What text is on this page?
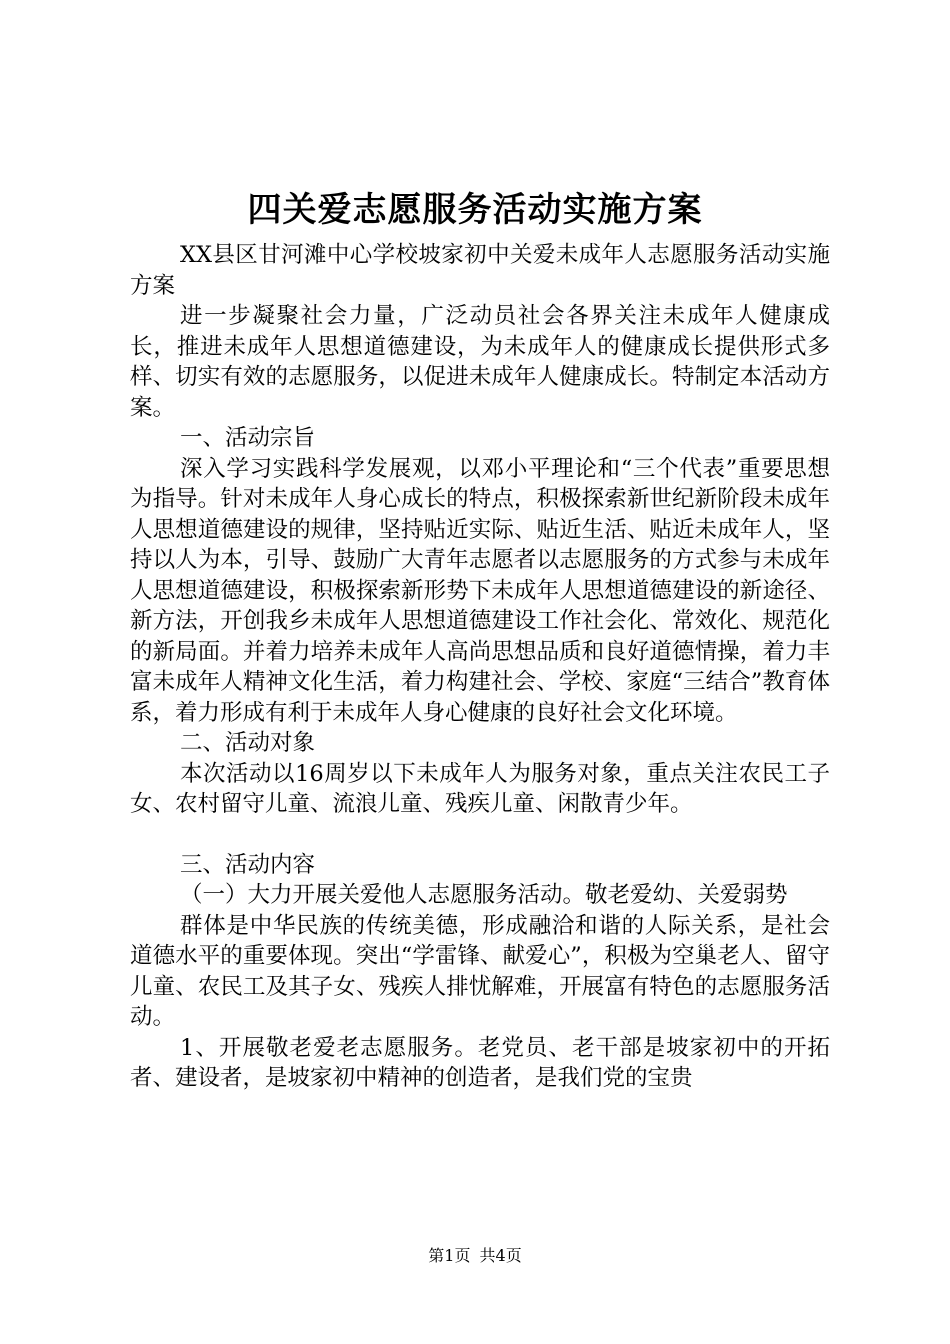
四关爱志愿服务活动实施方案

XX县区甘河滩中心学校坡家初中关爱未成年人志愿服务活动实施方案

进一步凝聚社会力量，广泛动员社会各界关注未成年人健康成长，推进未成年人思想道德建设，为未成年人的健康成长提供形式多样、切实有效的志愿服务，以促进未成年人健康成长。特制定本活动方案。

一、活动宗旨

深入学习实践科学发展观，以邓小平理论和“三个代表”重要思想为指导。针对未成年人身心成长的特点，积极探索新世纪新阶段未成年人思想道德建设的规律，坚持贴近实际、贴近生活、贴近未成年人，坚持以人为本，引导、鼓励广大青年志愿者以志愿服务的方式参与未成年人思想道德建设，积极探索新形势下未成年人思想道德建设的新途径、新方法，开创我乡未成年人思想道德建设工作社会化、常效化、规范化的新局面。并着力培养未成年人高尚思想品质和良好道德情操，着力丰富未成年人精神文化生活，着力构建社会、学校、家庭“三结合”教育体系，着力形成有利于未成年人身心健康的良好社会文化环境。

二、活动对象

本次活动以16周岁以下未成年人为服务对象，重点关注农民工子女、农村留守儿童、流浪儿童、残疾儿童、闲散青少年。

三、活动内容

（一）大力开展关爱他人志愿服务活动。敬老爱幼、关爱弱势

群体是中华民族的传统美德，形成融洽和谐的人际关系，是社会道德水平的重要体现。突出“学雷锋、献爱心”，积极为空巢老人、留守儿童、农民工及其子女、残疾人排忧解难，开展富有特色的志愿服务活动。

1、开展敬老爱老志愿服务。老党员、老干部是坡家初中的开拓者、建设者，是坡家初中精神的创造者，是我们党的宝贵

第1页 共4页
